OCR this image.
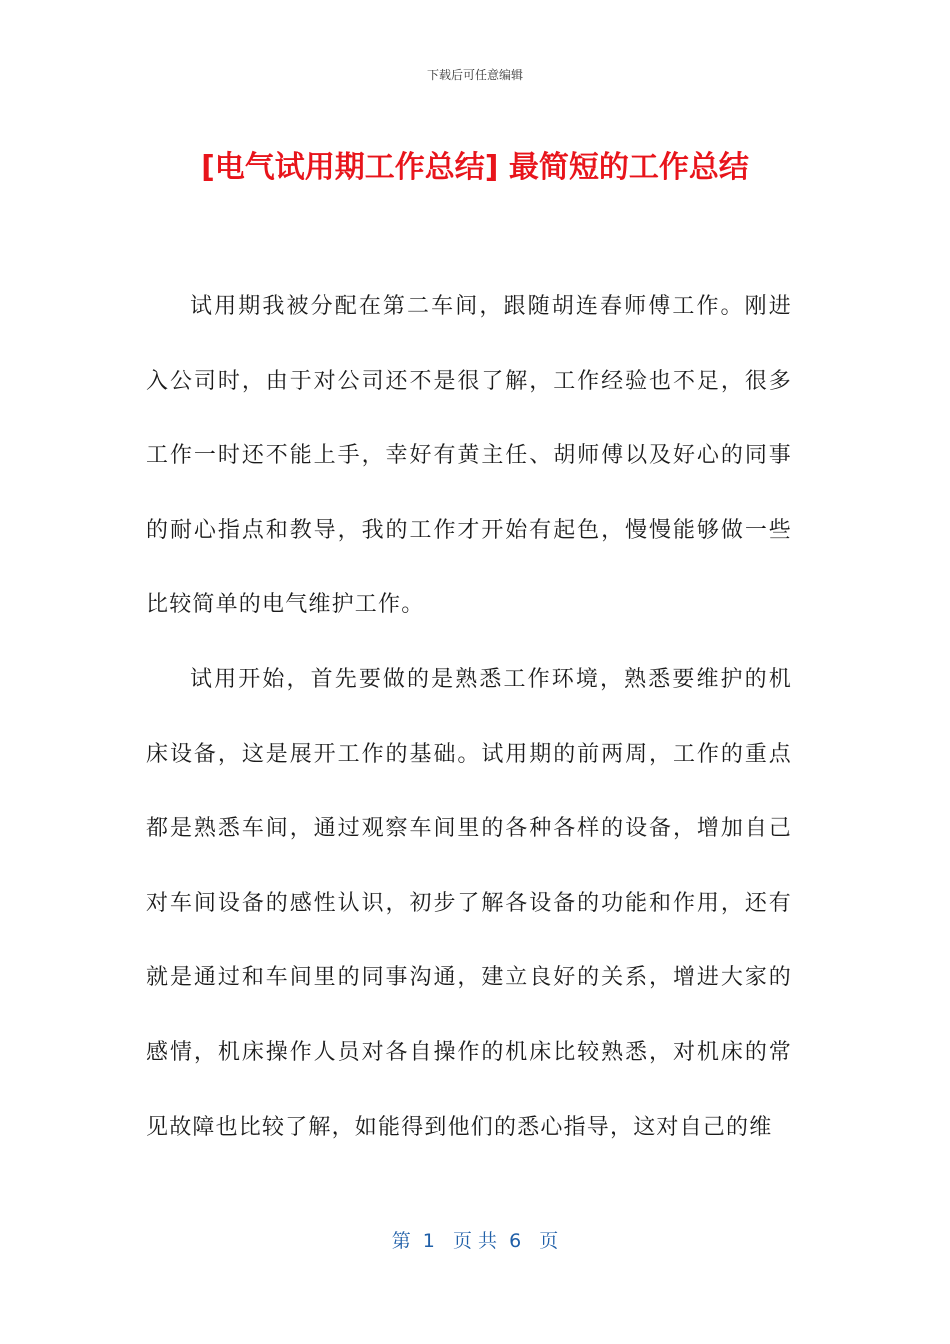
下载后可任意编辑
[电气试用期工作总结] 最简短的工作总结

试用期我被分配在第二车间，跟随胡连春师傅工作。刚进入公司时，由于对公司还不是很了解，工作经验也不足，很多工作一时还不能上手，幸好有黄主任、胡师傅以及好心的同事的耐心指点和教导，我的工作才开始有起色，慢慢能够做一些比较简单的电气维护工作。

试用开始，首先要做的是熟悉工作环境，熟悉要维护的机床设备，这是展开工作的基础。试用期的前两周，工作的重点都是熟悉车间，通过观察车间里的各种各样的设备，增加自己对车间设备的感性认识，初步了解各设备的功能和作用，还有就是通过和车间里的同事沟通，建立良好的关系，增进大家的感情，机床操作人员对各自操作的机床比较熟悉，对机床的常见故障也比较了解，如能得到他们的悉心指导，这对自己的维

第  1   页 共  6   页
